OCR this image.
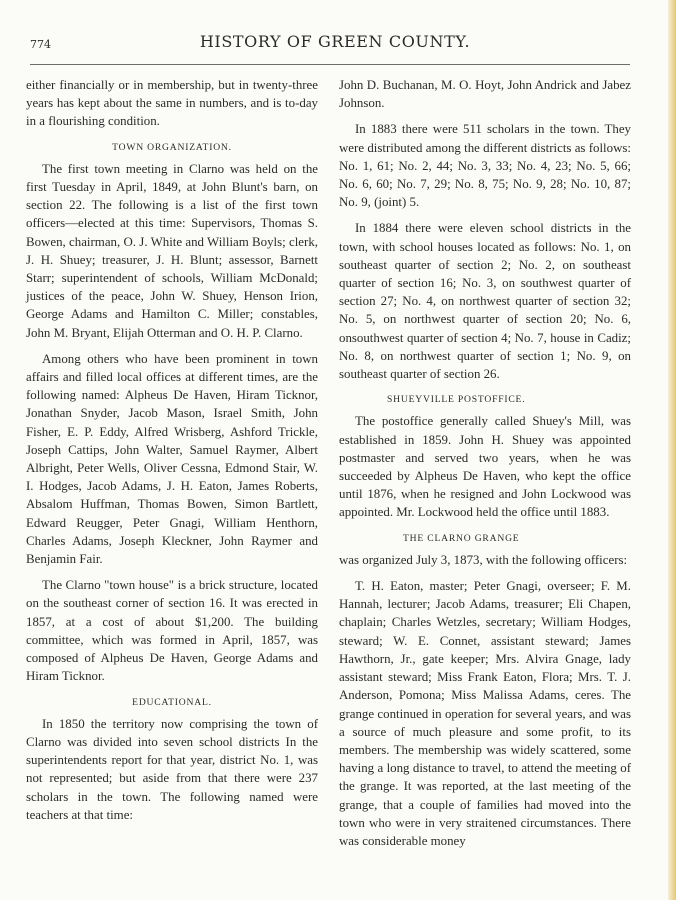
774	HISTORY OF GREEN COUNTY.

either financially or in membership, but in twenty-three years has kept about the same in numbers, and is to-day in a flourishing condition.

TOWN ORGANIZATION.

The first town meeting in Clarno was held on the first Tuesday in April, 1849, at John Blunt's barn, on section 22. The following is a list of the first town officers—elected at this time: Supervisors, Thomas S. Bowen, chairman, O. J. White and William Boyls; clerk, J. H. Shuey; treasurer, J. H. Blunt; assessor, Barnett Starr; superintendent of schools, William McDonald; justices of the peace, John W. Shuey, Henson Irion, George Adams and Hamilton C. Miller; constables, John M. Bryant, Elijah Otterman and O. H. P. Clarno.

Among others who have been prominent in town affairs and filled local offices at different times, are the following named: Alpheus De Haven, Hiram Ticknor, Jonathan Snyder, Jacob Mason, Israel Smith, John Fisher, E. P. Eddy, Alfred Wrisberg, Ashford Trickle, Joseph Cattips, John Walter, Samuel Raymer, Albert Albright, Peter Wells, Oliver Cessna, Edmond Stair, W. I. Hodges, Jacob Adams, J. H. Eaton, James Roberts, Absalom Huffman, Thomas Bowen, Simon Bartlett, Edward Reugger, Peter Gnagi, William Henthorn, Charles Adams, Joseph Kleckner, John Raymer and Benjamin Fair.

The Clarno "town house" is a brick structure, located on the southeast corner of section 16. It was erected in 1857, at a cost of about $1,200. The building committee, which was formed in April, 1857, was composed of Alpheus De Haven, George Adams and Hiram Ticknor.

EDUCATIONAL.

In 1850 the territory now comprising the town of Clarno was divided into seven school districts In the superintendents report for that year, district No. 1, was not represented; but aside from that there were 237 scholars in the town. The following named were teachers at that time:

John D. Buchanan, M. O. Hoyt, John Andrick and Jabez Johnson.

In 1883 there were 511 scholars in the town. They were distributed among the different districts as follows: No. 1, 61; No. 2, 44; No. 3, 33; No. 4, 23; No. 5, 66; No. 6, 60; No. 7, 29; No. 8, 75; No. 9, 28; No. 10, 87; No. 9, (joint) 5.

In 1884 there were eleven school districts in the town, with school houses located as follows: No. 1, on southeast quarter of section 2; No. 2, on southeast quarter of section 16; No. 3, on southwest quarter of section 27; No. 4, on northwest quarter of section 32; No. 5, on northwest quarter of section 20; No. 6, onsouthwest quarter of section 4; No. 7, house in Cadiz; No. 8, on northwest quarter of section 1; No. 9, on southeast quarter of section 26.

SHUEYVILLE POSTOFFICE.

The postoffice generally called Shuey's Mill, was established in 1859. John H. Shuey was appointed postmaster and served two years, when he was succeeded by Alpheus De Haven, who kept the office until 1876, when he resigned and John Lockwood was appointed. Mr. Lockwood held the office until 1883.

THE CLARNO GRANGE

was organized July 3, 1873, with the following officers:

T. H. Eaton, master; Peter Gnagi, overseer; F. M. Hannah, lecturer; Jacob Adams, treasurer; Eli Chapen, chaplain; Charles Wetzles, secretary; William Hodges, steward; W. E. Connet, assistant steward; James Hawthorn, Jr., gate keeper; Mrs. Alvira Gnage, lady assistant steward; Miss Frank Eaton, Flora; Mrs. T. J. Anderson, Pomona; Miss Malissa Adams, ceres. The grange continued in operation for several years, and was a source of much pleasure and some profit, to its members. The membership was widely scattered, some having a long distance to travel, to attend the meeting of the grange. It was reported, at the last meeting of the grange, that a couple of families had moved into the town who were in very straitened circumstances. There was considerable money
